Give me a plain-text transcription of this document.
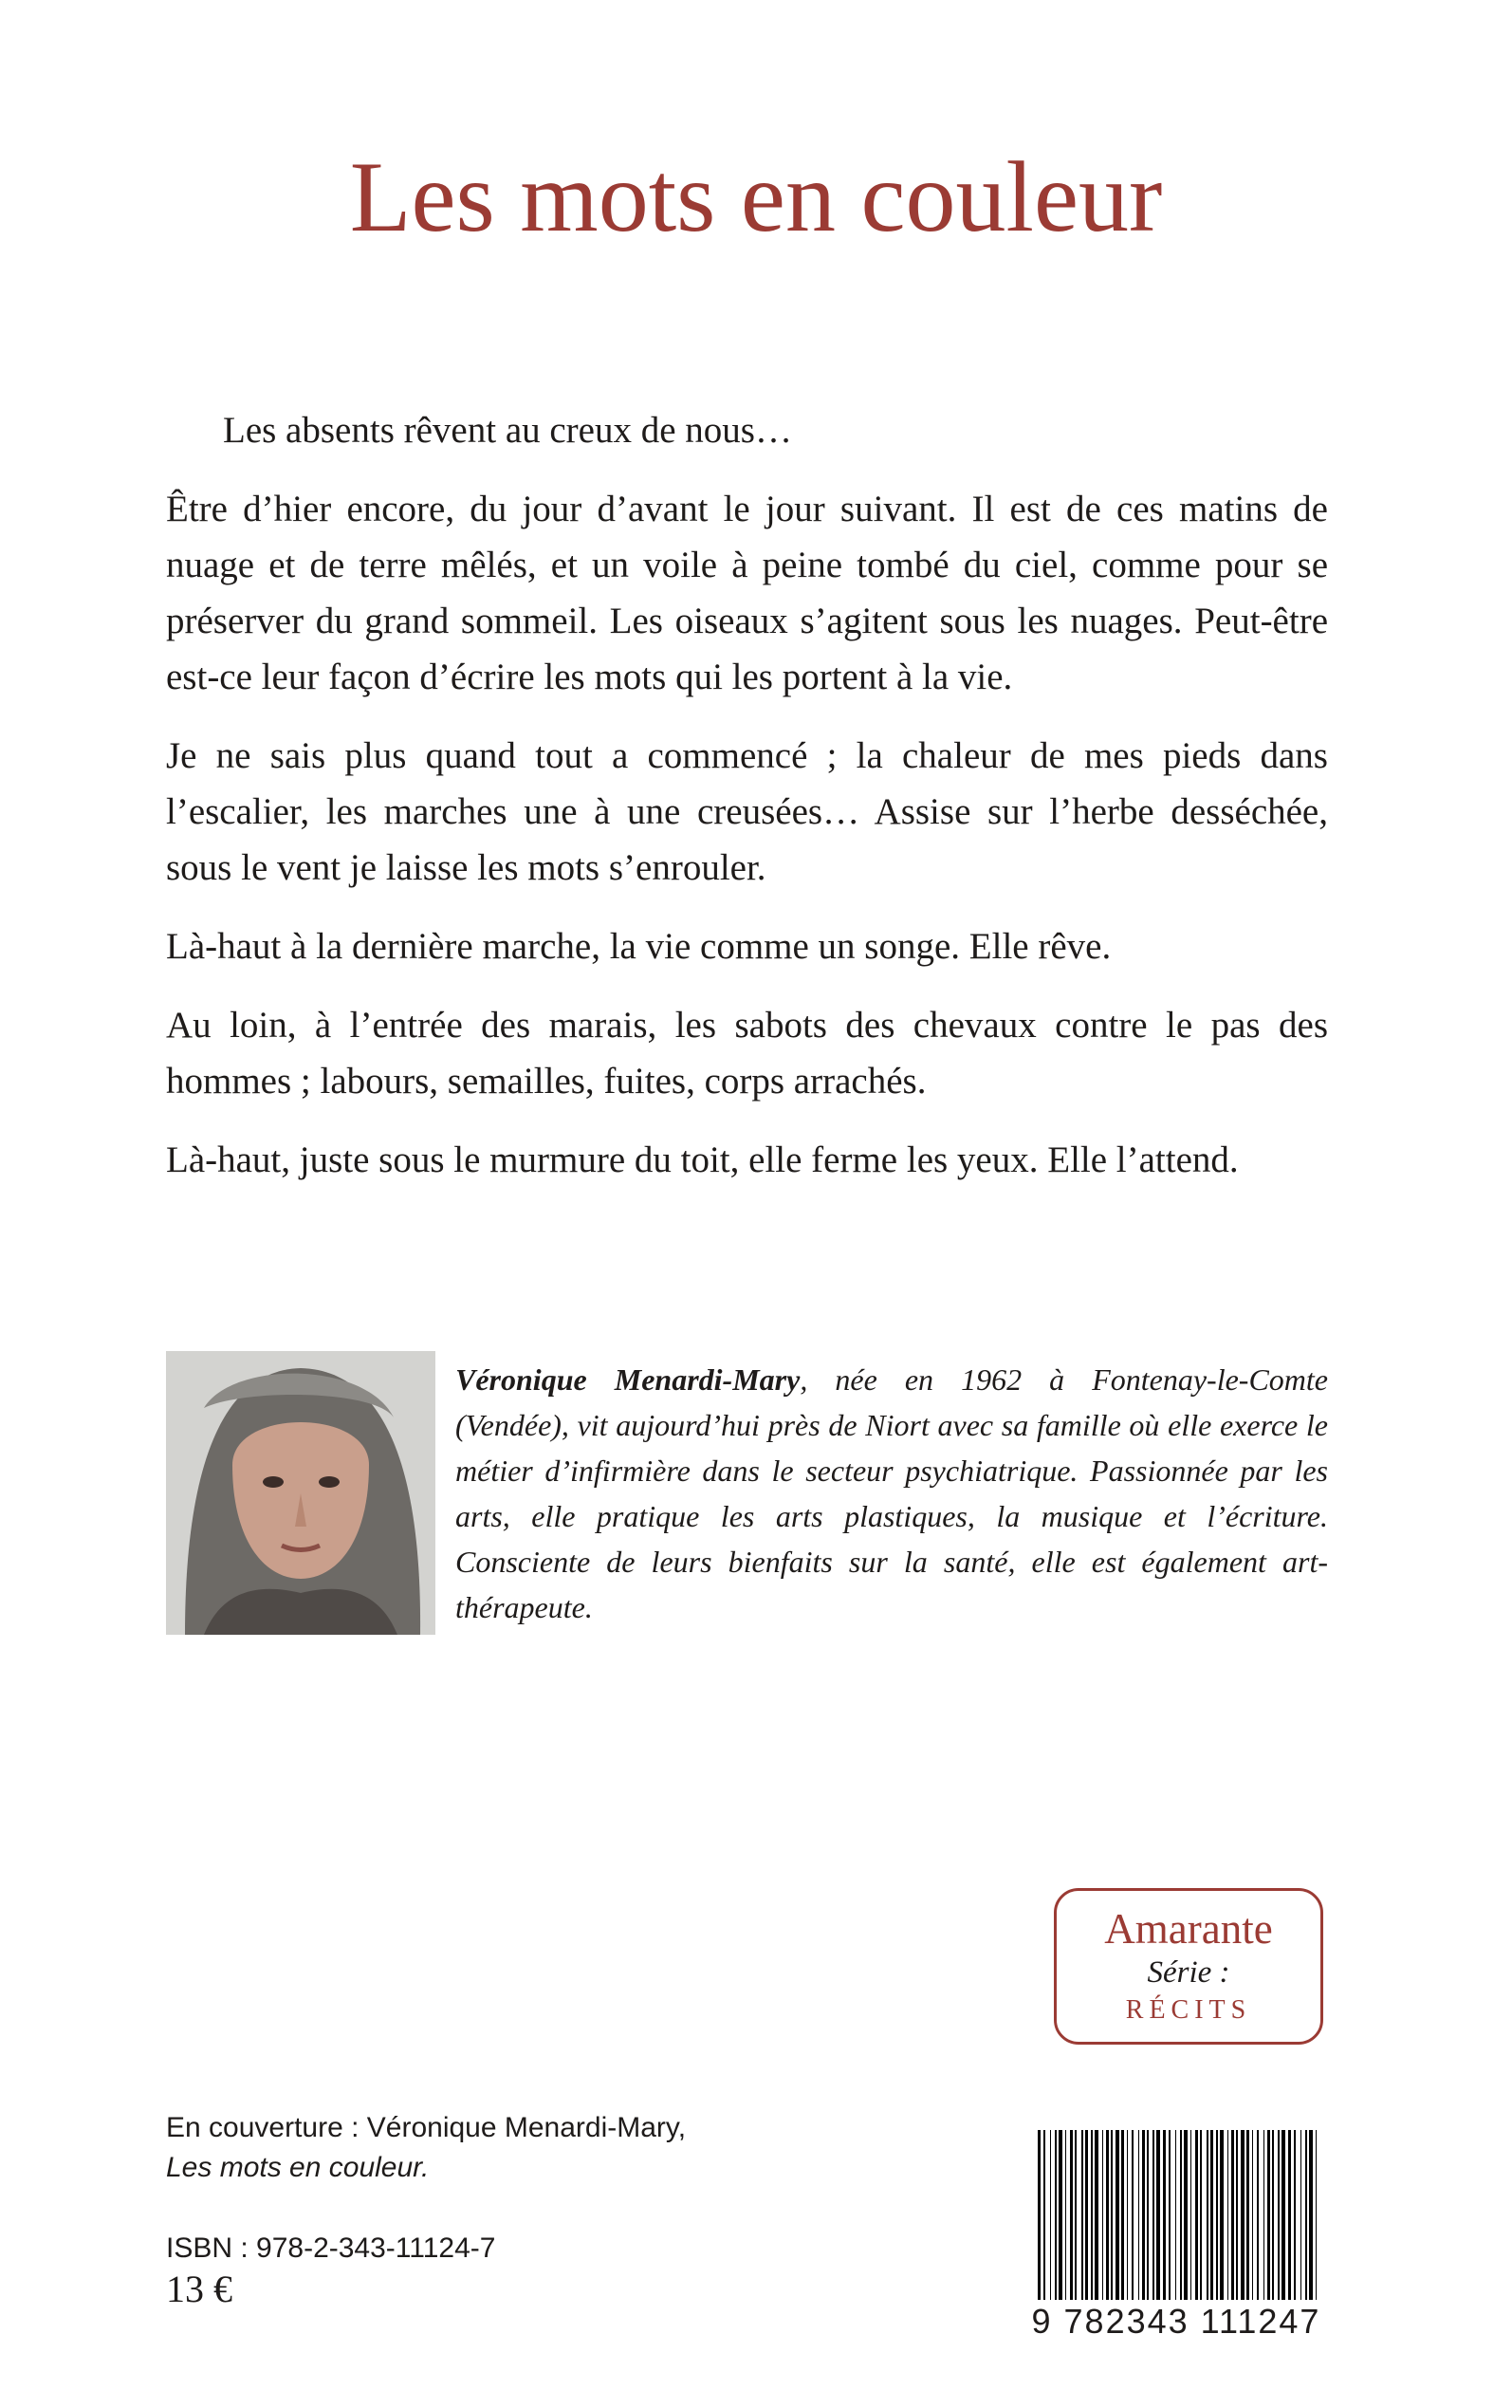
Les mots en couleur

Les absents rêvent au creux de nous…

Être d’hier encore, du jour d’avant le jour suivant. Il est de ces matins de nuage et de terre mêlés, et un voile à peine tombé du ciel, comme pour se préserver du grand sommeil. Les oiseaux s’agitent sous les nuages. Peut-être est-ce leur façon d’écrire les mots qui les portent à la vie.

Je ne sais plus quand tout a commencé ; la chaleur de mes pieds dans l’escalier, les marches une à une creusées… Assise sur l’herbe desséchée, sous le vent je laisse les mots s’enrouler.

Là-haut à la dernière marche, la vie comme un songe. Elle rêve.

Au loin, à l’entrée des marais, les sabots des chevaux contre le pas des hommes ; labours, semailles, fuites, corps arrachés.

Là-haut, juste sous le murmure du toit, elle ferme les yeux. Elle l’attend.

Véronique Menardi-Mary, née en 1962 à Fontenay-le-Comte (Vendée), vit aujourd’hui près de Niort avec sa famille où elle exerce le métier d’infirmière dans le secteur psychiatrique. Passionnée par les arts, elle pratique les arts plastiques, la musique et l’écriture. Consciente de leurs bienfaits sur la santé, elle est également art-thérapeute.
Amarante
Série :
RÉCITS
En couverture : Véronique Menardi-Mary,
Les mots en couleur.
ISBN : 978-2-343-11124-7
13 €
9 782343 111247
